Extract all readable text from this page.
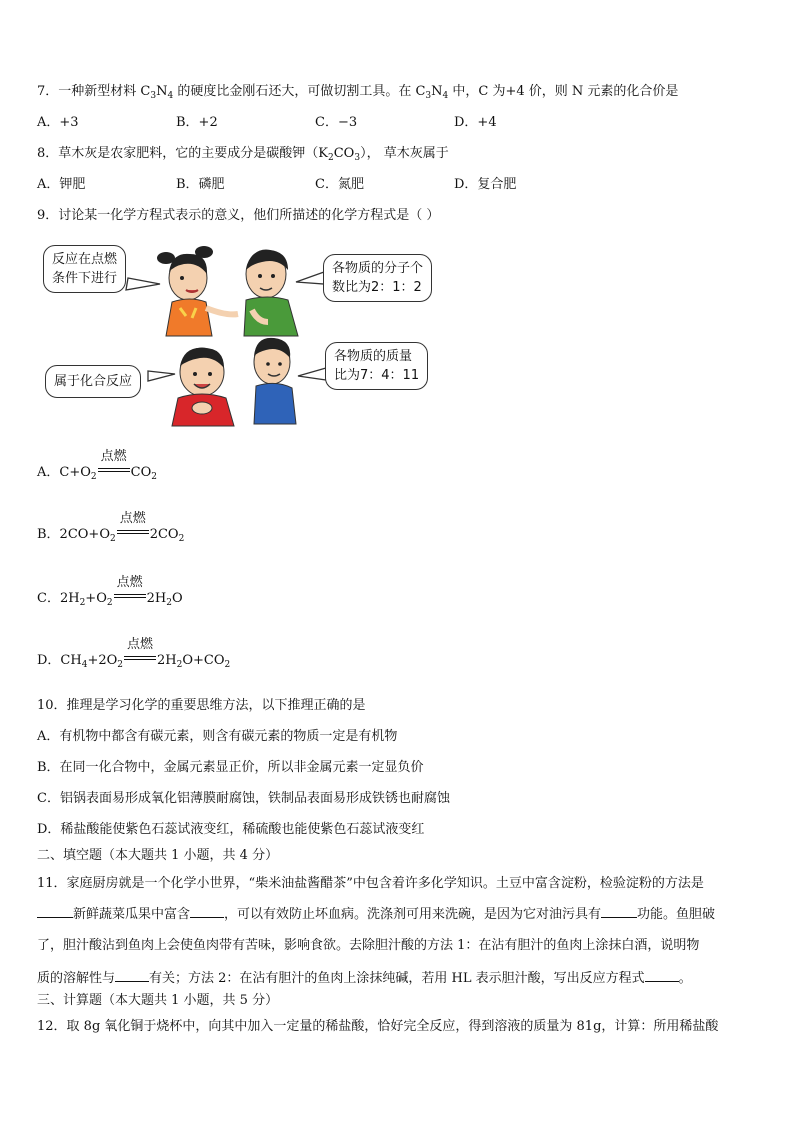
7．一种新型材料 $C_3N_4$ 的硬度比金刚石还大，可做切割工具。在 $C_3N_4$ 中，C 为+4 价，则 N 元素的化合价是
A．+3	B．+2	C．−3	D．+4
8．草木灰是农家肥料，它的主要成分是碳酸钾$(K_2CO_3)$， 草木灰属于
A．钾肥	B．磷肥	C．氮肥	D．复合肥
9．讨论某一化学方程式表示的意义，他们所描述的化学方程式是（ ）
反应在点燃
条件下进行
各物质的分子个
数比为2：1：2
属于化合反应
各物质的质量
比为7：4：11
A．$C+O_2$
点燃
$CO_2$
B．$2CO+O_2$
点燃
$2CO_2$
C．$2H_2+O_2$
点燃
$2H_2O$
D．$CH_4+2O_2$
点燃
$2H_2O+CO_2$
10．推理是学习化学的重要思维方法，以下推理正确的是
A．有机物中都含有碳元素，则含有碳元素的物质一定是有机物
B．在同一化合物中，金属元素显正价，所以非金属元素一定显负价
C．铝锅表面易形成氧化铝薄膜耐腐蚀，铁制品表面易形成铁锈也耐腐蚀
D．稀盐酸能使紫色石蕊试液变红，稀硫酸也能使紫色石蕊试液变红
二、填空题（本大题共 1 小题，共 4 分）
11．家庭厨房就是一个化学小世界，“柴米油盐酱醋茶”中包含着许多化学知识。土豆中富含淀粉，检验淀粉的方法是
新鲜蔬菜瓜果中富含	，可以有效防止坏血病。洗涤剂可用来洗碗，是因为它对油污具有	功能。鱼胆破
了，胆汁酸沾到鱼肉上会使鱼肉带有苦味，影响食欲。去除胆汁酸的方法 1：在沾有胆汁的鱼肉上涂抹白酒，说明物
质的溶解性与	有关；方法 2：在沾有胆汁的鱼肉上涂抹纯碱，若用 HL 表示胆汁酸，写出反应方程式	。
三、计算题（本大题共 1 小题，共 5 分）
12．取 8g 氧化铜于烧杯中，向其中加入一定量的稀盐酸，恰好完全反应，得到溶液的质量为 81g，计算：所用稀盐酸
